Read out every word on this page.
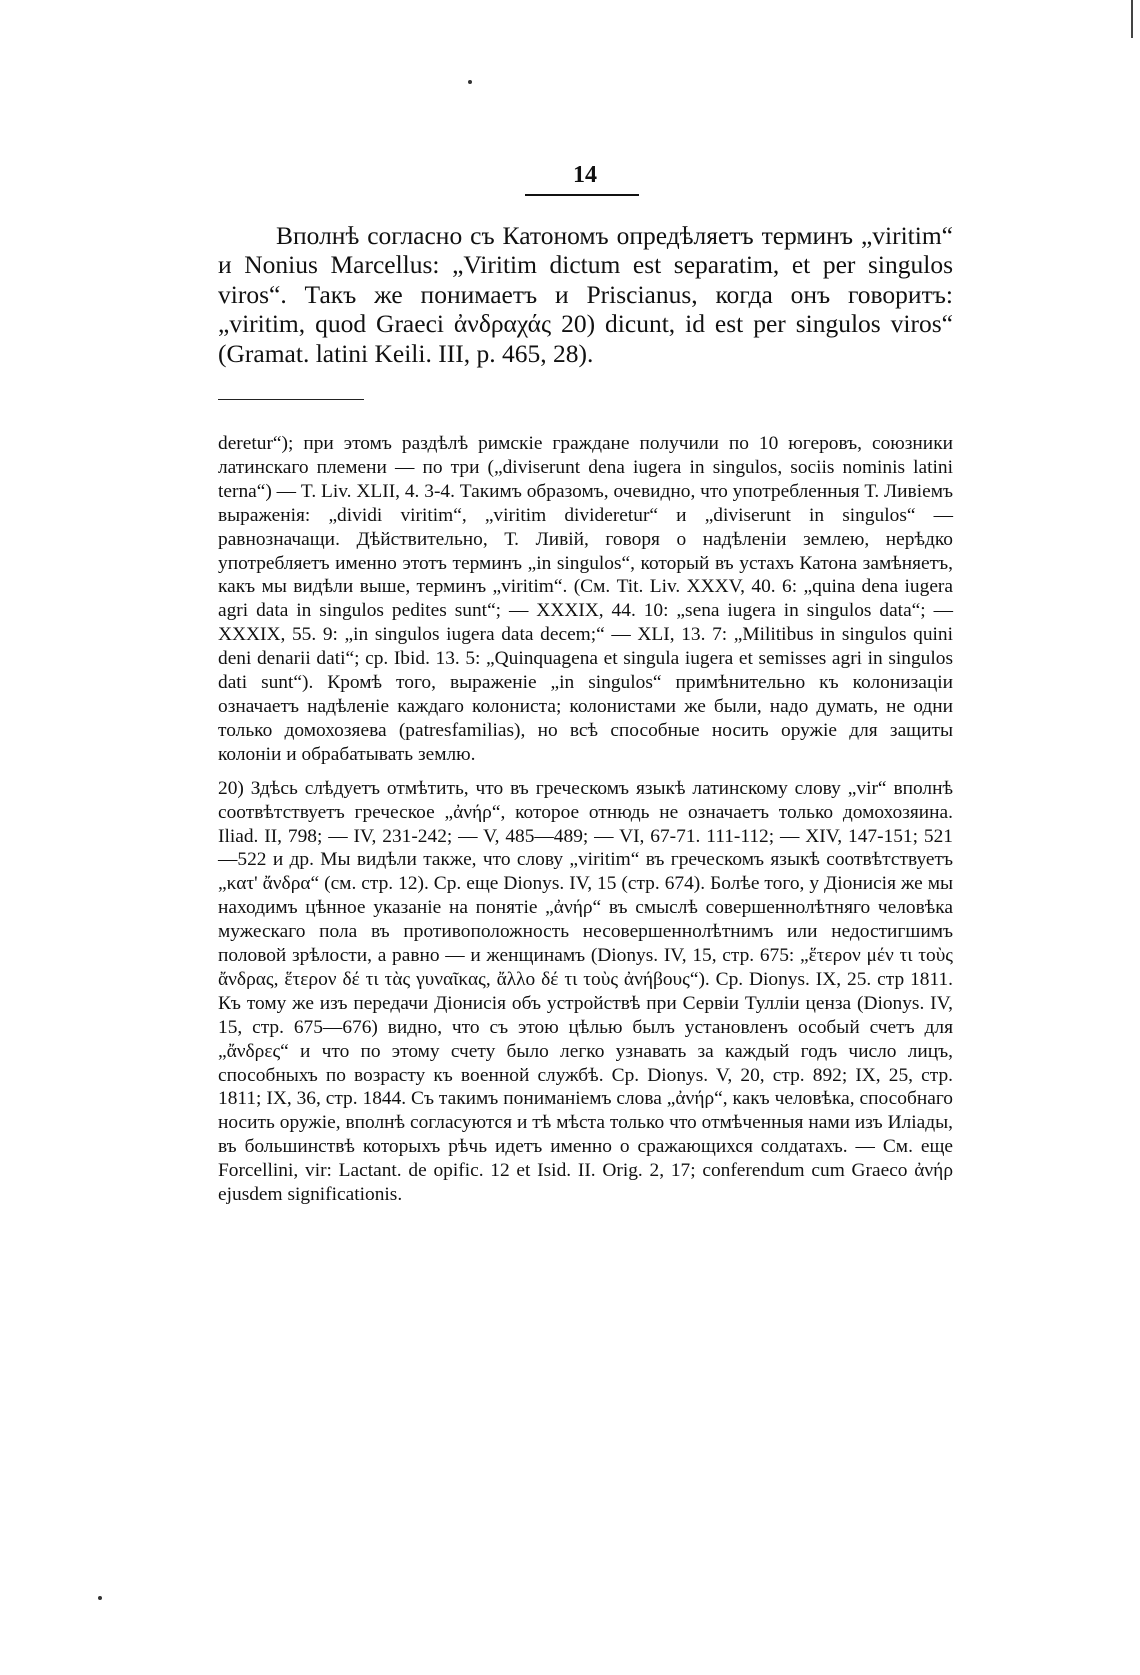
14

Вполнѣ согласно съ Катономъ опредѣляетъ терминъ „viritim“ и Nonius Marcellus: „Viritim dictum est separatim, et per singulos viros“. Такъ же понимаетъ и Priscianus, когда онъ говоритъ: „viritim, quod Graeci ἀνδραχάς 20) dicunt, id est per singulos viros“ (Gramat. latini Keili. III, p. 465, 28).

deretur“); при этомъ раздѣлѣ римскіе граждане получили по 10 югеровъ, союзники латинскаго племени — по три („diviserunt dena iugera in singulos, sociis nominis latini terna“) — T. Liv. XLII, 4. 3-4. Такимъ образомъ, очевидно, что употребленныя Т. Ливіемъ выраженія: „dividi viritim“, „viritim divideretur“ и „diviserunt in singulos“ — равнозначащи. Дѣйствительно, Т. Ливій, говоря о надѣленіи землею, нерѣдко употребляетъ именно этотъ терминъ „in singulos“, который въ устахъ Катона замѣняетъ, какъ мы видѣли выше, терминъ „viritim“. (См. Tit. Liv. XXXV, 40. 6: „quina dena iugera agri data in singulos pedites sunt“; — XXXIX, 44. 10: „sena iugera in singulos data“; — XXXIX, 55. 9: „in singulos iugera data decem;“ — XLI, 13. 7: „Militibus in singulos quini deni denarii dati“; cp. Ibid. 13. 5: „Quinquagena et singula iugera et semisses agri in singulos dati sunt“). Кромѣ того, выраженіе „in singulos“ примѣнительно къ колонизаціи означаетъ надѣленіе каждаго колониста; колонистами же были, надо думать, не одни только домохозяева (patresfamilias), но всѣ способные носить оружіе для защиты колоніи и обрабатывать землю.

20) Здѣсь слѣдуетъ отмѣтить, что въ греческомъ языкѣ латинскому слову „vir“ вполнѣ соотвѣтствуетъ греческое „ἀνήρ“, которое отнюдь не означаетъ только домохозяина. Iliad. II, 798; — IV, 231-242; — V, 485—489; — VI, 67-71. 111-112; — XIV, 147-151; 521—522 и др. Мы видѣли также, что слову „viritim“ въ греческомъ языкѣ соотвѣтствуетъ „κατ' ἄνδρα“ (см. стр. 12). Ср. еще Dionys. IV, 15 (стр. 674). Болѣе того, у Діонисія же мы находимъ цѣнное указаніе на понятіе „ἀνήρ“ въ смыслѣ совершеннолѣтняго человѣка мужескаго пола въ противоположность несовершеннолѣтнимъ или недостигшимъ половой зрѣлости, а равно — и женщинамъ (Dionys. IV, 15, стр. 675: „ἕτερον μέν τι τοὺς ἄνδρας, ἕτερον δέ τι τὰς γυναῖκας, ἄλλο δέ τι τοὺς ἀνήβους“). Cp. Dionys. IX, 25. стр 1811. Къ тому же изъ передачи Діонисія объ устройствѣ при Сервіи Тулліи ценза (Dionys. IV, 15, стр. 675—676) видно, что съ этою цѣлью былъ установленъ особый счетъ для „ἄνδρες“ и что по этому счету было легко узнавать за каждый годъ число лицъ, способныхъ по возрасту къ военной службѣ. Cp. Dionys. V, 20, стр. 892; IX, 25, стр. 1811; IX, 36, стр. 1844. Съ такимъ пониманіемъ слова „ἀνήρ“, какъ человѣка, способнаго носить оружіе, вполнѣ согласуются и тѣ мѣста только что отмѣченныя нами изъ Иліады, въ большинствѣ которыхъ рѣчь идетъ именно о сражающихся солдатахъ. — См. еще Forcellini, vir: Lactant. de opific. 12 et Isid. II. Orig. 2, 17; conferendum cum Graeco ἀνήρ ejusdem significationis.
